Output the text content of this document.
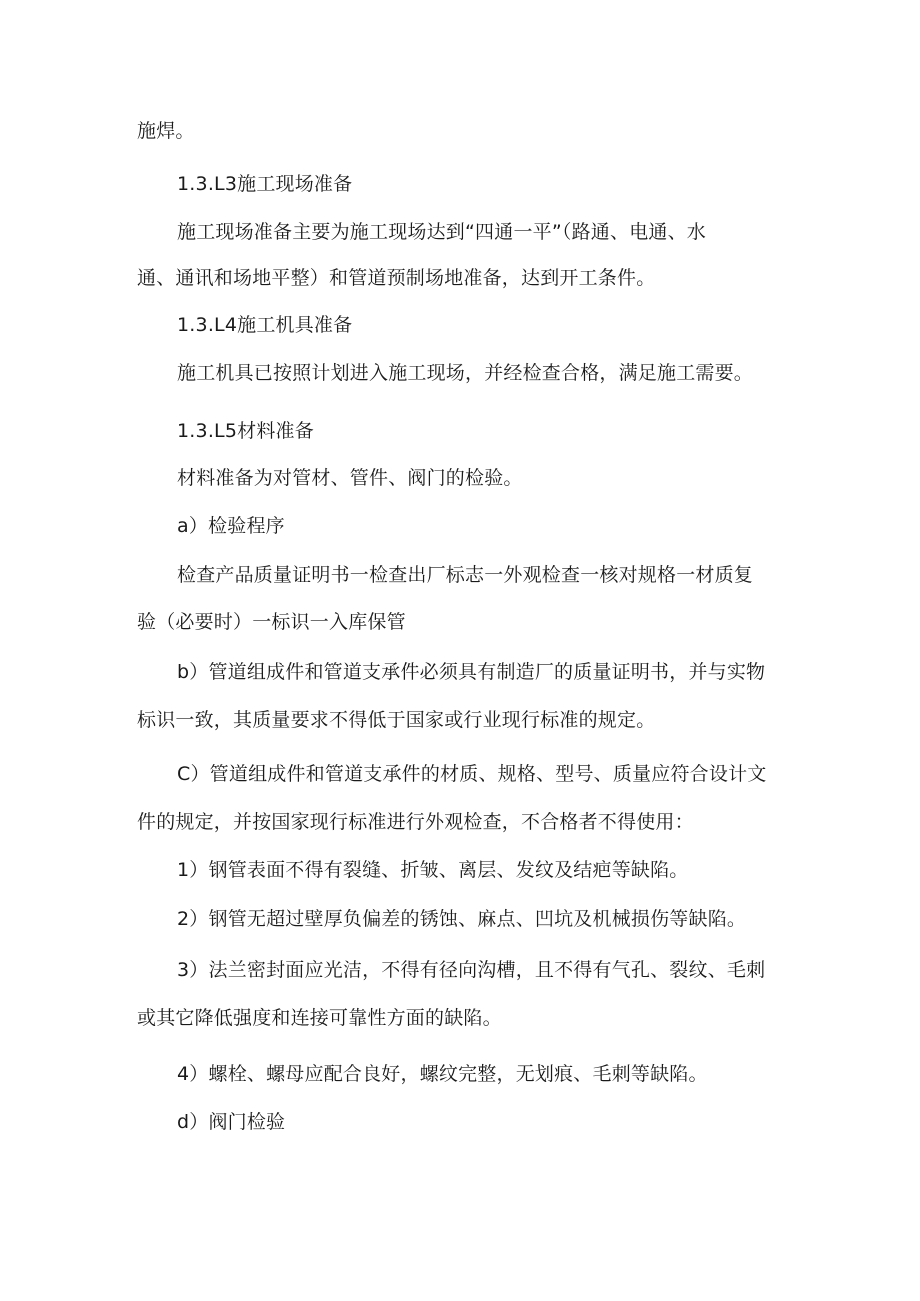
施焊。
1.3.L3施工现场准备
施工现场准备主要为施工现场达到“四通一平”（路通、电通、水
通、通讯和场地平整）和管道预制场地准备，达到开工条件。
1.3.L4施工机具准备
施工机具已按照计划进入施工现场，并经检查合格，满足施工需要。
1.3.L5材料准备
材料准备为对管材、管件、阀门的检验。
a）检验程序
检查产品质量证明书一检查出厂标志一外观检查一核对规格一材质复
验（必要时）一标识一入库保管
b）管道组成件和管道支承件必须具有制造厂的质量证明书，并与实物
标识一致，其质量要求不得低于国家或行业现行标准的规定。
C）管道组成件和管道支承件的材质、规格、型号、质量应符合设计文
件的规定，并按国家现行标准进行外观检查，不合格者不得使用：
1）钢管表面不得有裂缝、折皱、离层、发纹及结疤等缺陷。
2）钢管无超过壁厚负偏差的锈蚀、麻点、凹坑及机械损伤等缺陷。
3）法兰密封面应光洁，不得有径向沟槽，且不得有气孔、裂纹、毛刺
或其它降低强度和连接可靠性方面的缺陷。
4）螺栓、螺母应配合良好，螺纹完整，无划痕、毛刺等缺陷。
d）阀门检验
